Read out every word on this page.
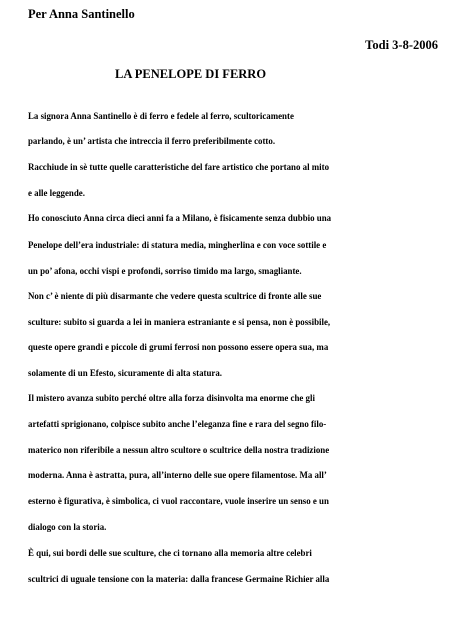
Per Anna Santinello
Todi 3-8-2006
LA PENELOPE DI FERRO
La signora Anna Santinello è di ferro e fedele al ferro, scultoricamente
parlando, è un’ artista che intreccia il ferro preferibilmente cotto.
Racchiude in sè tutte quelle caratteristiche del fare artistico che portano al mito
e alle leggende.
Ho conosciuto Anna circa dieci anni fa a Milano, è fisicamente senza dubbio una
Penelope dell’era industriale: di statura media, mingherlina e con voce sottile e
un po’ afona, occhi vispi e profondi, sorriso timido ma largo, smagliante.
Non c’ è niente di più disarmante che vedere questa scultrice di fronte alle sue
sculture: subito si guarda a lei in maniera estraniante e si pensa, non è possibile,
queste opere grandi e piccole di grumi ferrosi non possono essere opera sua, ma
solamente di un Efesto, sicuramente di alta statura.
Il mistero avanza subito perché oltre alla forza disinvolta ma enorme che gli
artefatti sprigionano, colpisce subito anche l’eleganza fine e rara del segno filo-
materico non riferibile a nessun altro scultore o scultrice della nostra tradizione
moderna. Anna è astratta, pura, all’interno delle sue opere filamentose. Ma all’
esterno è figurativa, è simbolica, ci vuol raccontare, vuole inserire un senso e un
dialogo con la storia.
È qui, sui bordi delle sue sculture, che ci tornano alla memoria altre celebri
scultrici di uguale tensione con la materia: dalla francese Germaine Richier alla
